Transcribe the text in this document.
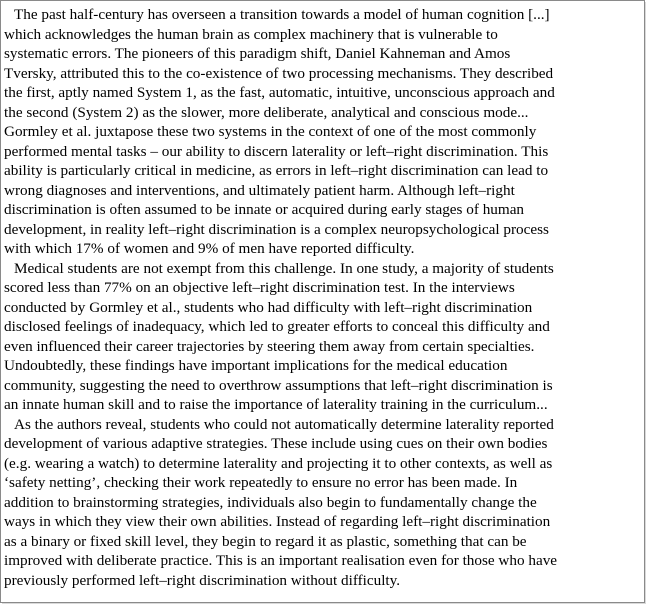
The past half-century has overseen a transition towards a model of human cognition [...]
which acknowledges the human brain as complex machinery that is vulnerable to
systematic errors. The pioneers of this paradigm shift, Daniel Kahneman and Amos
Tversky, attributed this to the co-existence of two processing mechanisms. They described
the first, aptly named System 1, as the fast, automatic, intuitive, unconscious approach and
the second (System 2) as the slower, more deliberate, analytical and conscious mode...
Gormley et al. juxtapose these two systems in the context of one of the most commonly
performed mental tasks – our ability to discern laterality or left–right discrimination. This
ability is particularly critical in medicine, as errors in left–right discrimination can lead to
wrong diagnoses and interventions, and ultimately patient harm. Although left–right
discrimination is often assumed to be innate or acquired during early stages of human
development, in reality left–right discrimination is a complex neuropsychological process
with which 17% of women and 9% of men have reported difficulty.

Medical students are not exempt from this challenge. In one study, a majority of students
scored less than 77% on an objective left–right discrimination test. In the interviews
conducted by Gormley et al., students who had difficulty with left–right discrimination
disclosed feelings of inadequacy, which led to greater efforts to conceal this difficulty and
even influenced their career trajectories by steering them away from certain specialties.
Undoubtedly, these findings have important implications for the medical education
community, suggesting the need to overthrow assumptions that left–right discrimination is
an innate human skill and to raise the importance of laterality training in the curriculum...

As the authors reveal, students who could not automatically determine laterality reported
development of various adaptive strategies. These include using cues on their own bodies
(e.g. wearing a watch) to determine laterality and projecting it to other contexts, as well as
‘safety netting’, checking their work repeatedly to ensure no error has been made. In
addition to brainstorming strategies, individuals also begin to fundamentally change the
ways in which they view their own abilities. Instead of regarding left–right discrimination
as a binary or fixed skill level, they begin to regard it as plastic, something that can be
improved with deliberate practice. This is an important realisation even for those who have
previously performed left–right discrimination without difficulty.
